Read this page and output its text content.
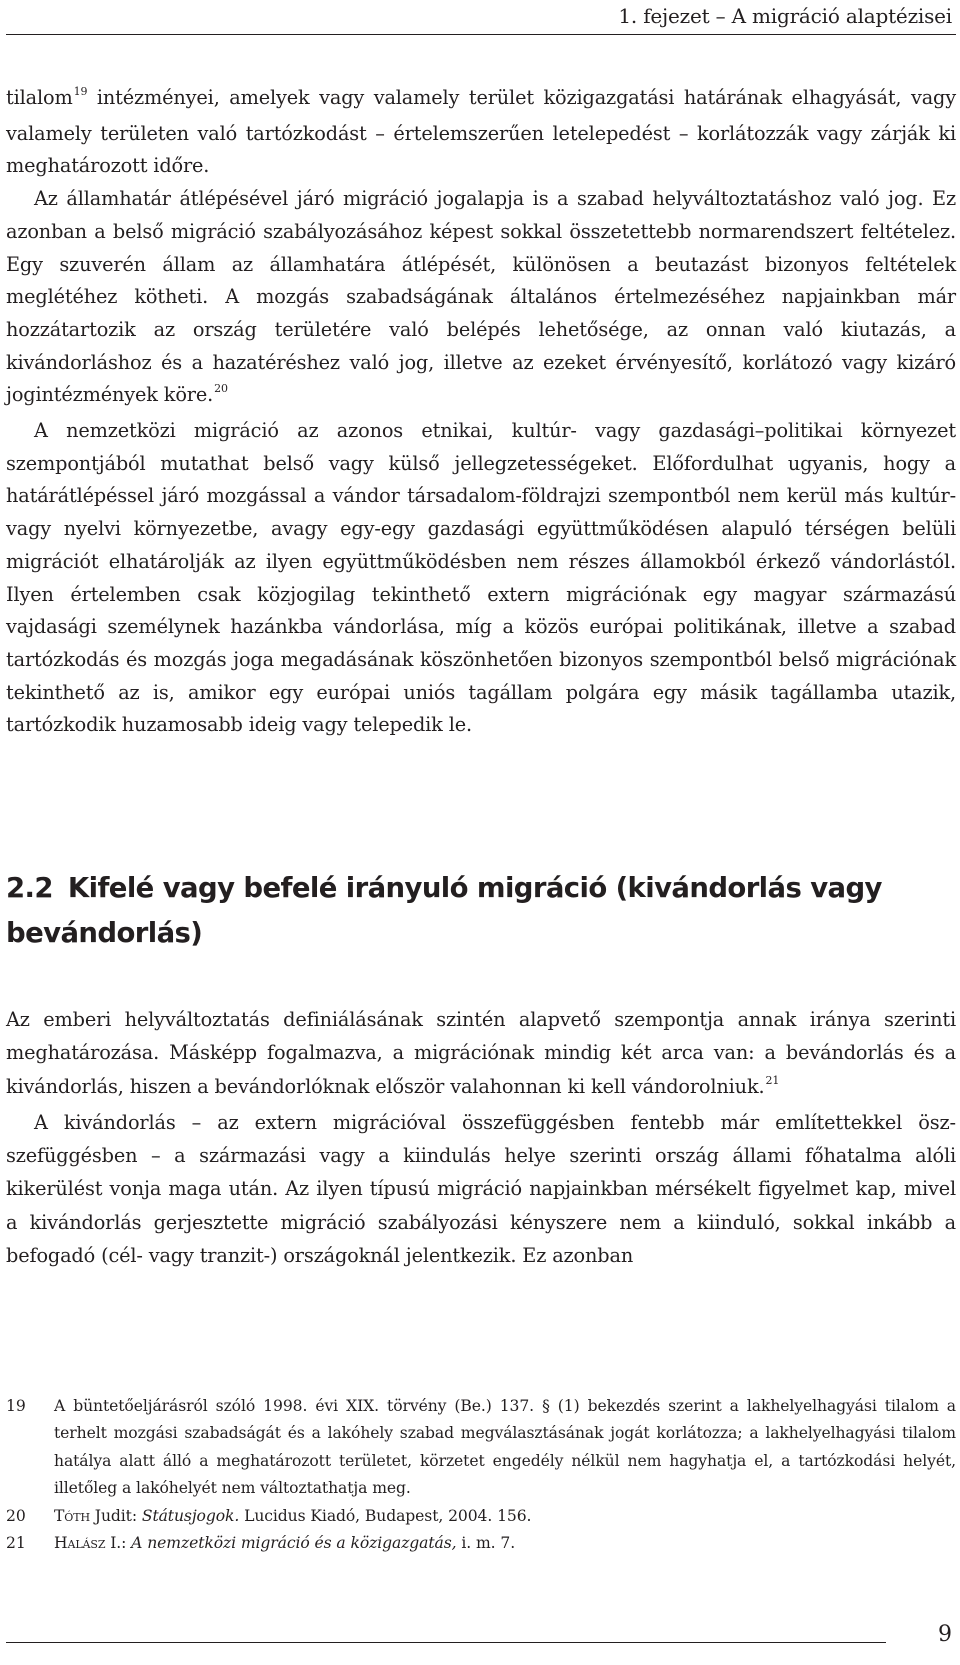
1. fejezet – A migráció alaptézisei

tilalom$^{19}$ intézményei, amelyek vagy valamely terület közigazgatási határának elhagyását, vagy valamely területen való tartózkodást – értelemszerűen letelepedést – korlátozzák vagy zárják ki meghatározott időre.

Az államhatár átlépésével járó migráció jogalapja is a szabad helyváltoztatáshoz való jog. Ez azonban a belső migráció szabályozásához képest sokkal összetettebb normarendszert feltételez. Egy szuverén állam az államhatára átlépését, különösen a beutazást bizonyos feltételek meglétéhez kötheti. A mozgás szabadságának általános értelmezéséhez napjainkban már hozzátartozik az ország területére való belépés lehetősége, az onnan való kiutazás, a kivándorláshoz és a hazatéréshez való jog, illetve az ezeket érvényesítő, korlátozó vagy kizáró jogintézmények köre.$^{20}$

A nemzetközi migráció az azonos etnikai, kultúr- vagy gazdasági–politikai környezet szempontjából mutathat belső vagy külső jellegzetességeket. Előfordulhat ugyanis, hogy a határátlépéssel járó mozgással a vándor társadalom-földrajzi szempontból nem kerül más kultúr- vagy nyelvi környezetbe, avagy egy-egy gazdasági együttműködésen alapuló térségen belüli migrációt elhatárolják az ilyen együttműködésben nem részes államokból érkező vándorlástól. Ilyen értelemben csak közjogilag tekinthető extern migrációnak egy magyar származású vajdasági személynek hazánkba vándorlása, míg a közös európai politikának, illetve a szabad tartózkodás és mozgás joga megadásának köszönhetően bizonyos szempontból belső migrációnak tekinthető az is, amikor egy európai uniós tagállam polgára egy másik tagállamba utazik, tartózkodik huzamosabb ideig vagy telepedik le.

2.2 Kifelé vagy befelé irányuló migráció (kivándorlás vagy bevándorlás)

Az emberi helyváltoztatás definiálásának szintén alapvető szempontja annak iránya szerinti meghatározása. Másképp fogalmazva, a migrációnak mindig két arca van: a bevándorlás és a kivándorlás, hiszen a bevándorlóknak először valahonnan ki kell vándorolniuk.$^{21}$

A kivándorlás – az extern migrációval összefüggésben fentebb már említettekkel öszszefüggésben – a származási vagy a kiindulás helye szerinti ország állami főhatalma alóli kikerülést vonja maga után. Az ilyen típusú migráció napjainkban mérsékelt figyelmet kap, mivel a kivándorlás gerjesztette migráció szabályozási kényszere nem a kiinduló, sokkal inkább a befogadó (cél- vagy tranzit-) országoknál jelentkezik. Ez azonban

19	A büntetőeljárásról szóló 1998. évi XIX. törvény (Be.) 137. § (1) bekezdés szerint a lakhelyelhagyási tilalom a terhelt mozgási szabadságát és a lakóhely szabad megválasztásának jogát korlátozza; a lakhelyelhagyási tilalom hatálya alatt álló a meghatározott területet, körzetet engedély nélkül nem hagyhatja el, a tartózkodási helyét, illetőleg a lakóhelyét nem változtathatja meg.
20	Tóth Judit: Státusjogok. Lucidus Kiadó, Budapest, 2004. 156.
21	Halász I.: A nemzetközi migráció és a közigazgatás, i. m. 7.
9
